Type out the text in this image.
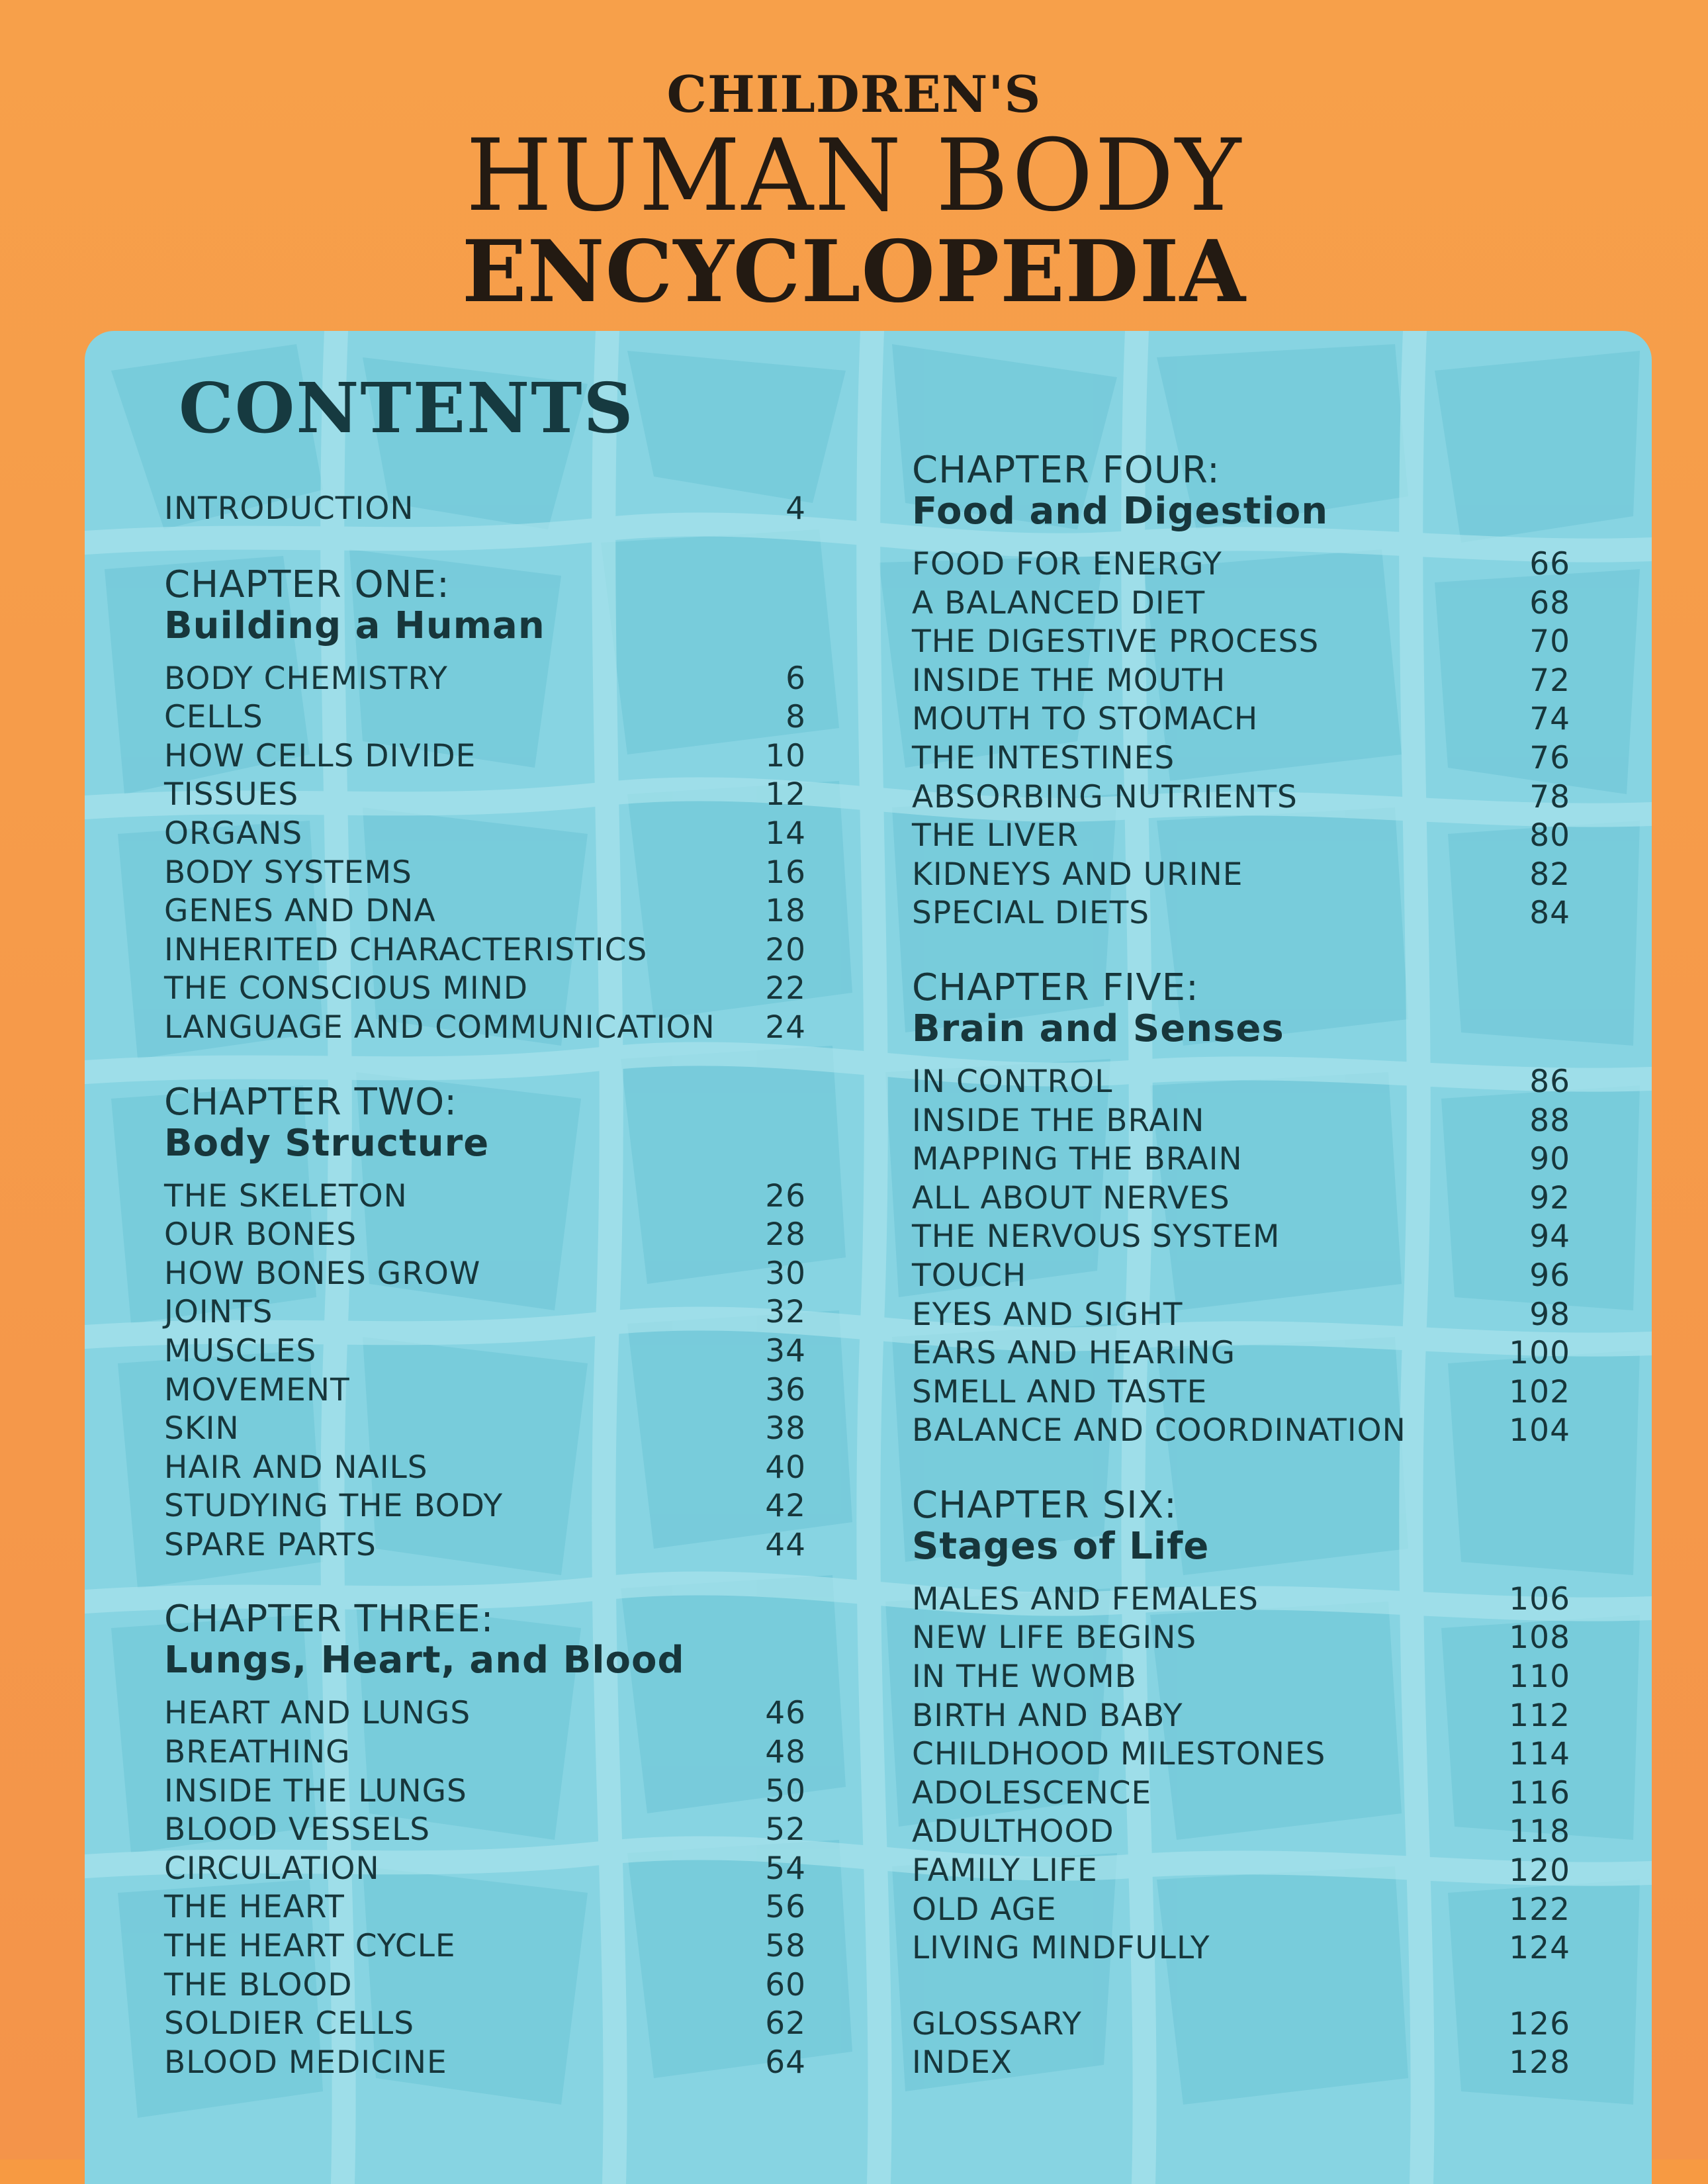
CHILDREN'S
HUMAN BODY
ENCYCLOPEDIA
CONTENTS
INTRODUCTION	4
CHAPTER ONE:
Building a Human
BODY CHEMISTRY	6
CELLS	8
HOW CELLS DIVIDE	10
TISSUES	12
ORGANS	14
BODY SYSTEMS	16
GENES AND DNA	18
INHERITED CHARACTERISTICS	20
THE CONSCIOUS MIND	22
LANGUAGE AND COMMUNICATION 24
CHAPTER TWO:
Body Structure
THE SKELETON	26
OUR BONES	28
HOW BONES GROW	30
JOINTS	32
MUSCLES	34
MOVEMENT	36
SKIN	38
HAIR AND NAILS	40
STUDYING THE BODY	42
SPARE PARTS	44
CHAPTER THREE:
Lungs, Heart, and Blood
HEART AND LUNGS	46
BREATHING	48
INSIDE THE LUNGS	50
BLOOD VESSELS	52
CIRCULATION	54
THE HEART	56
THE HEART CYCLE	58
THE BLOOD	60
SOLDIER CELLS	62
BLOOD MEDICINE	64
CHAPTER FOUR:
Food and Digestion
FOOD FOR ENERGY	66
A BALANCED DIET	68
THE DIGESTIVE PROCESS	70
INSIDE THE MOUTH	72
MOUTH TO STOMACH	74
THE INTESTINES	76
ABSORBING NUTRIENTS	78
THE LIVER	80
KIDNEYS AND URINE	82
SPECIAL DIETS	84
CHAPTER FIVE:
Brain and Senses
IN CONTROL	86
INSIDE THE BRAIN	88
MAPPING THE BRAIN	90
ALL ABOUT NERVES	92
THE NERVOUS SYSTEM	94
TOUCH	96
EYES AND SIGHT	98
EARS AND HEARING	100
SMELL AND TASTE	102
BALANCE AND COORDINATION	104
CHAPTER SIX:
Stages of Life
MALES AND FEMALES	106
NEW LIFE BEGINS	108
IN THE WOMB	110
BIRTH AND BABY	112
CHILDHOOD MILESTONES	114
ADOLESCENCE	116
ADULTHOOD	118
FAMILY LIFE	120
OLD AGE	122
LIVING MINDFULLY	124
GLOSSARY	126
INDEX	128
